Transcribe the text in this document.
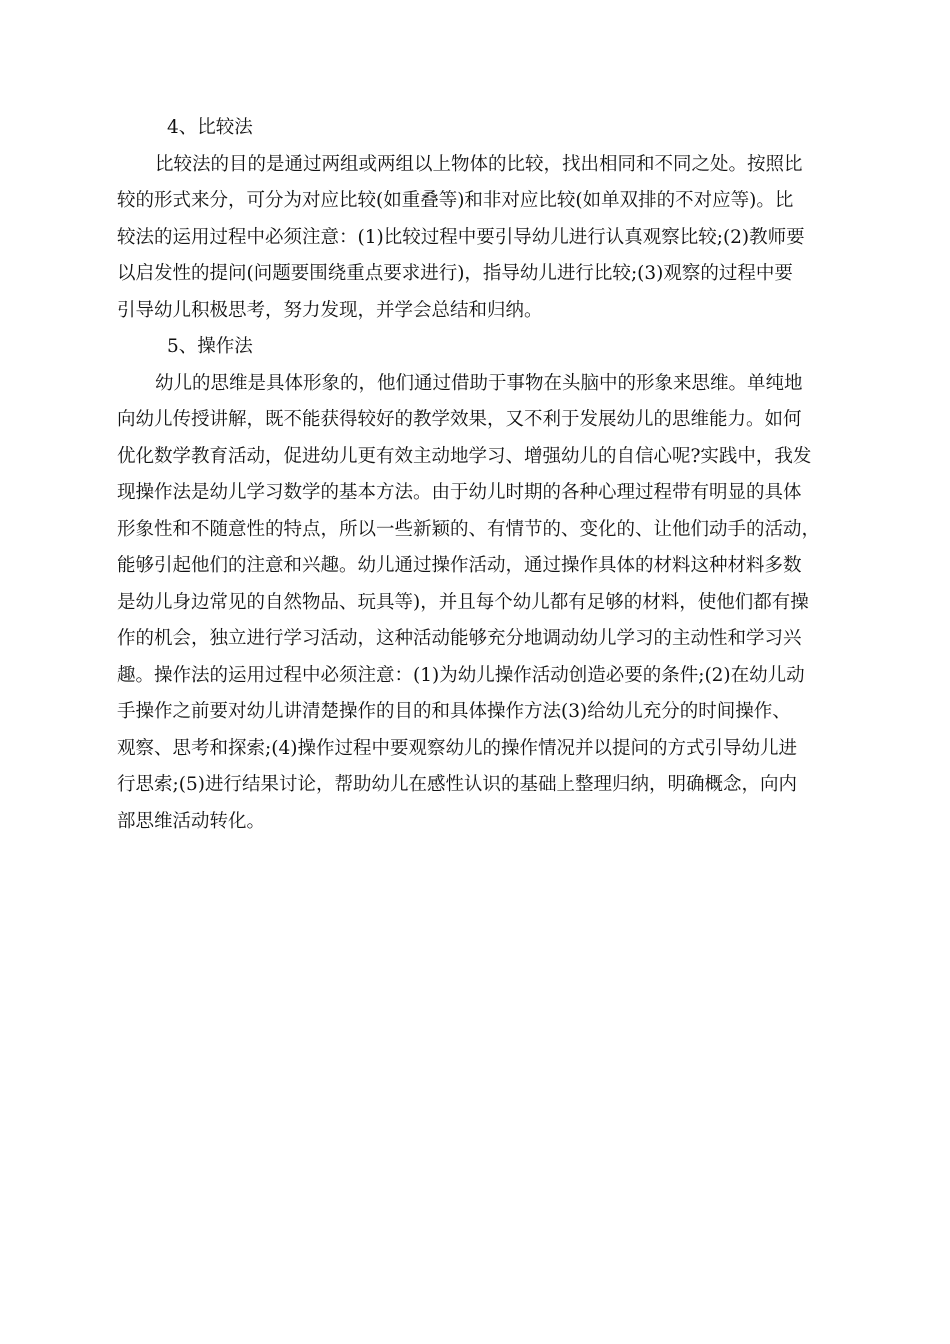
4、比较法
比较法的目的是通过两组或两组以上物体的比较，找出相同和不同之处。按照比
较的形式来分，可分为对应比较(如重叠等)和非对应比较(如单双排的不对应等)。比
较法的运用过程中必须注意：(1)比较过程中要引导幼儿进行认真观察比较;(2)教师要
以启发性的提问(问题要围绕重点要求进行)，指导幼儿进行比较;(3)观察的过程中要
引导幼儿积极思考，努力发现，并学会总结和归纳。
5、操作法
幼儿的思维是具体形象的，他们通过借助于事物在头脑中的形象来思维。单纯地
向幼儿传授讲解，既不能获得较好的教学效果，又不利于发展幼儿的思维能力。如何
优化数学教育活动，促进幼儿更有效主动地学习、增强幼儿的自信心呢?实践中，我发
现操作法是幼儿学习数学的基本方法。由于幼儿时期的各种心理过程带有明显的具体
形象性和不随意性的特点，所以一些新颖的、有情节的、变化的、让他们动手的活动，
能够引起他们的注意和兴趣。幼儿通过操作活动，通过操作具体的材料这种材料多数
是幼儿身边常见的自然物品、玩具等)，并且每个幼儿都有足够的材料，使他们都有操
作的机会，独立进行学习活动，这种活动能够充分地调动幼儿学习的主动性和学习兴
趣。操作法的运用过程中必须注意：(1)为幼儿操作活动创造必要的条件;(2)在幼儿动
手操作之前要对幼儿讲清楚操作的目的和具体操作方法(3)给幼儿充分的时间操作、
观察、思考和探索;(4)操作过程中要观察幼儿的操作情况并以提问的方式引导幼儿进
行思索;(5)进行结果讨论，帮助幼儿在感性认识的基础上整理归纳，明确概念，向内
部思维活动转化。
